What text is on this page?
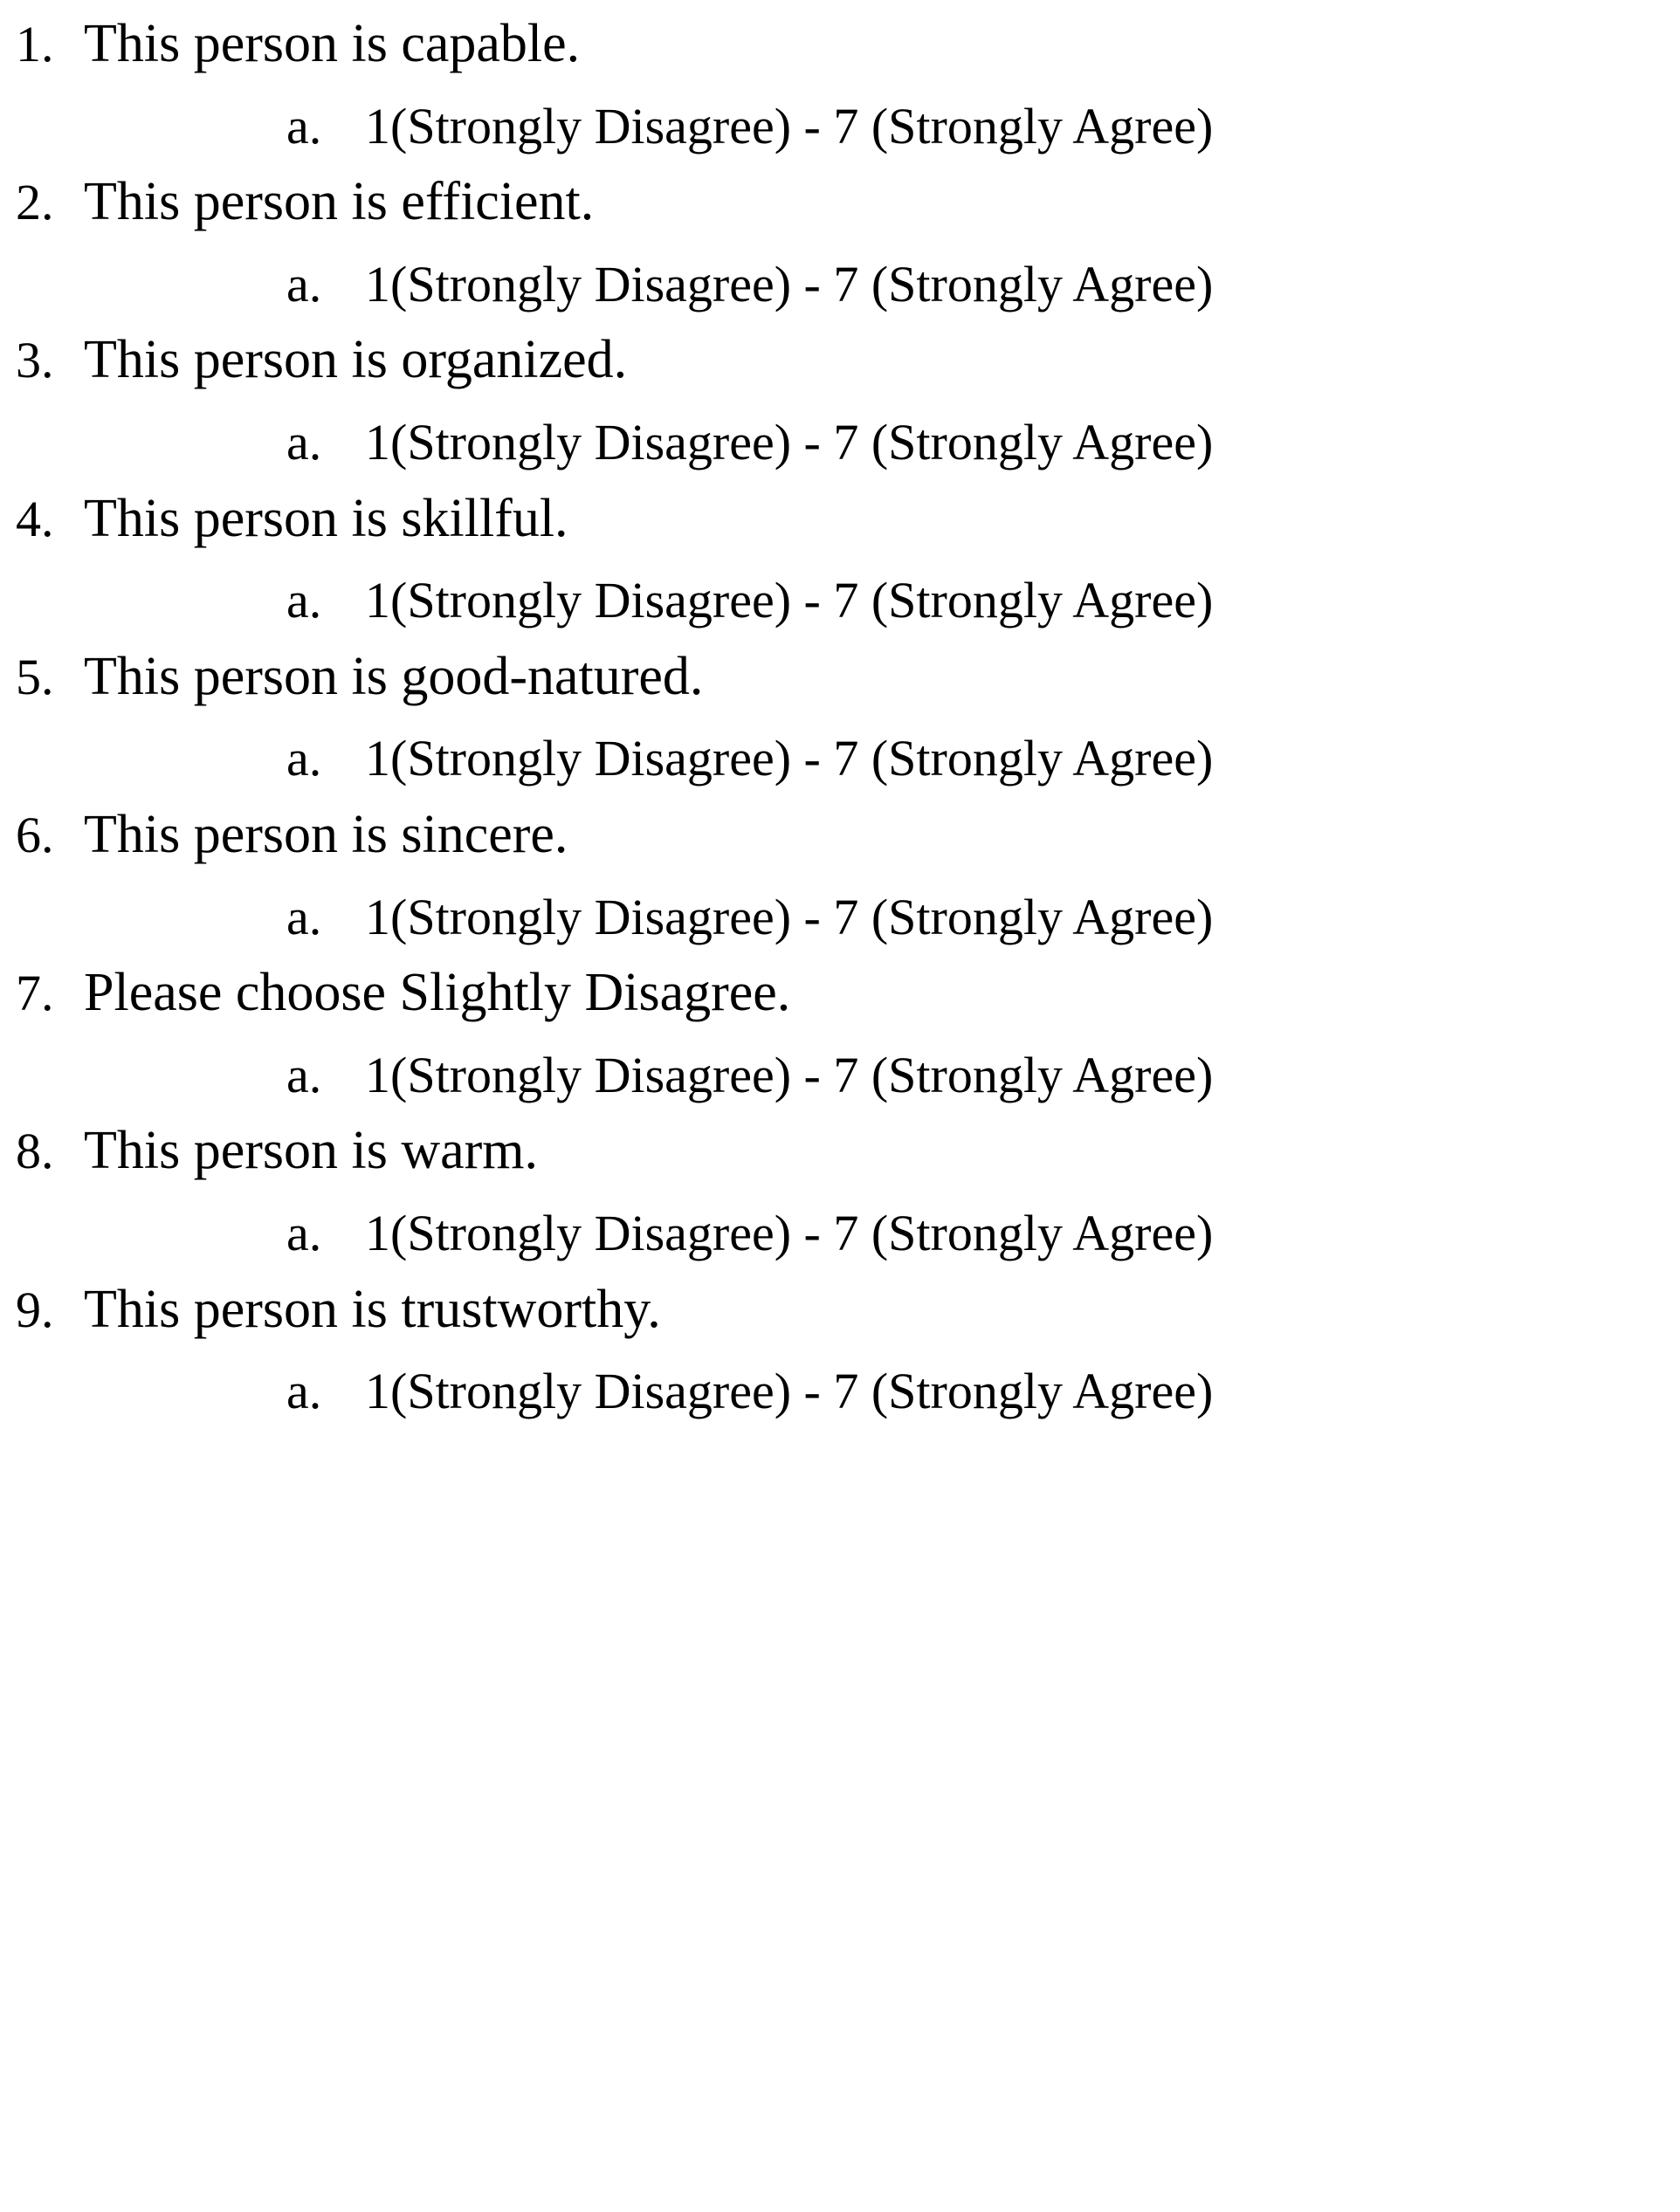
1. This person is capable.
a. 1(Strongly Disagree) - 7 (Strongly Agree)
2. This person is efficient.
a. 1(Strongly Disagree) - 7 (Strongly Agree)
3. This person is organized.
a. 1(Strongly Disagree) - 7 (Strongly Agree)
4. This person is skillful.
a. 1(Strongly Disagree) - 7 (Strongly Agree)
5. This person is good-natured.
a. 1(Strongly Disagree) - 7 (Strongly Agree)
6. This person is sincere.
a. 1(Strongly Disagree) - 7 (Strongly Agree)
7. Please choose Slightly Disagree.
a. 1(Strongly Disagree) - 7 (Strongly Agree)
8. This person is warm.
a. 1(Strongly Disagree) - 7 (Strongly Agree)
9. This person is trustworthy.
a. 1(Strongly Disagree) - 7 (Strongly Agree)
